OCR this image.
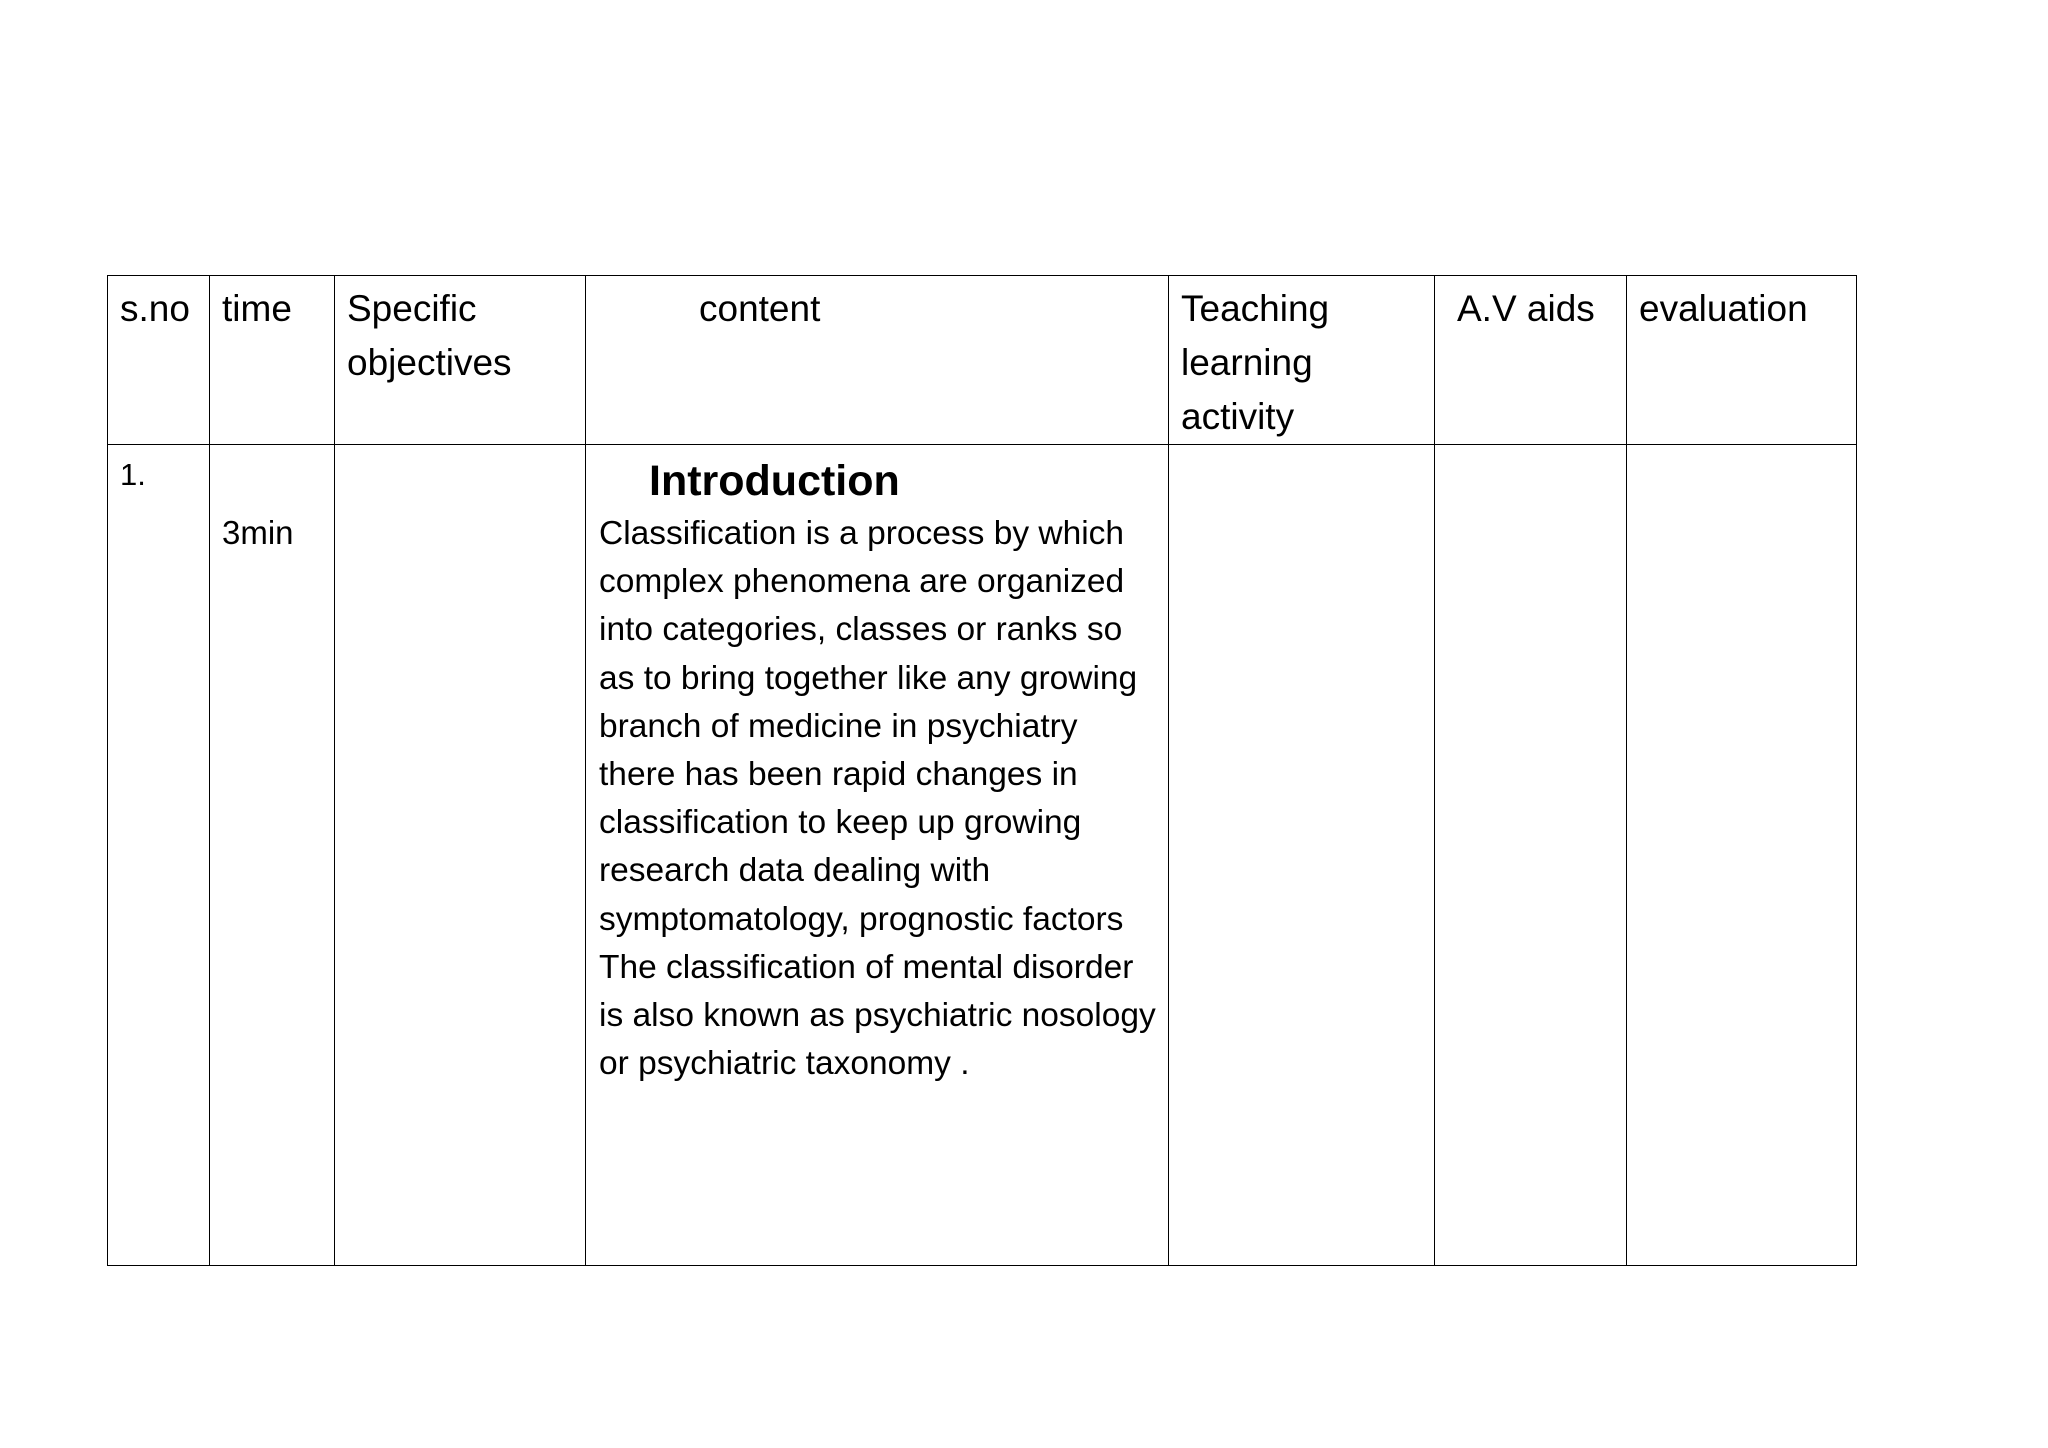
s.no	time	Specific objectives	content	Teaching learning activity	A.V aids	evaluation

1.	3min		Introduction
Classification is a process by which complex phenomena are organized into categories, classes or ranks so as to bring together like any growing branch of medicine in psychiatry there has been rapid changes in classification to keep up growing research data dealing with symptomatology, prognostic factors
The classification of mental disorder is also known as psychiatric nosology or psychiatric taxonomy .			
